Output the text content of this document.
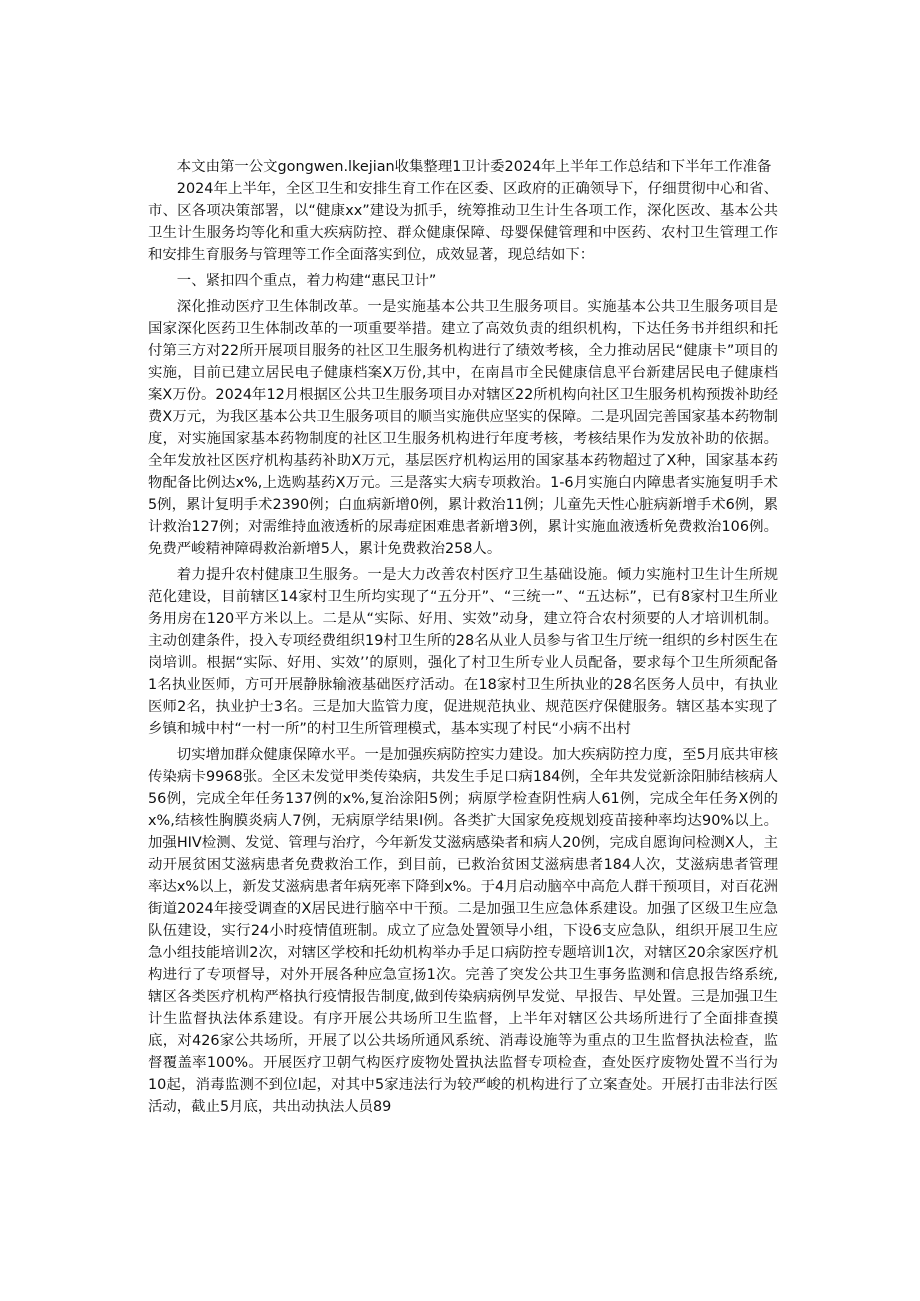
本文由第一公文gongwen.lkejian收集整理1卫计委2024年上半年工作总结和下半年工作准备

2024年上半年，全区卫生和安排生育工作在区委、区政府的正确领导下，仔细贯彻中心和省、市、区各项决策部署，以“健康xx”建设为抓手，统筹推动卫生计生各项工作，深化医改、基本公共卫生计生服务均等化和重大疾病防控、群众健康保障、母婴保健管理和中医药、农村卫生管理工作和安排生育服务与管理等工作全面落实到位，成效显著，现总结如下：

一、紧扣四个重点，着力构建“惠民卫计”

深化推动医疗卫生体制改革。一是实施基本公共卫生服务项目。实施基本公共卫生服务项目是国家深化医药卫生体制改革的一项重要举措。建立了高效负责的组织机构，下达任务书并组织和托付第三方对22所开展项目服务的社区卫生服务机构进行了绩效考核，全力推动居民“健康卡”项目的实施，目前已建立居民电子健康档案X万份,其中，在南昌市全民健康信息平台新建居民电子健康档案X万份。2024年12月根据区公共卫生服务项目办对辖区22所机构向社区卫生服务机构预拨补助经费X万元，为我区基本公共卫生服务项目的顺当实施供应坚实的保障。二是巩固完善国家基本药物制度，对实施国家基本药物制度的社区卫生服务机构进行年度考核，考核结果作为发放补助的依据。全年发放社区医疗机构基药补助X万元，基层医疗机构运用的国家基本药物超过了X种，国家基本药物配备比例达x%,上选购基药X万元。三是落实大病专项救治。1-6月实施白内障患者实施复明手术5例，累计复明手术2390例；白血病新增0例，累计救治11例；儿童先天性心脏病新增手术6例，累计救治127例；对需维持血液透析的尿毒症困难患者新增3例，累计实施血液透析免费救治106例。免费严峻精神障碍救治新增5人，累计免费救治258人。

着力提升农村健康卫生服务。一是大力改善农村医疗卫生基础设施。倾力实施村卫生计生所规范化建设，目前辖区14家村卫生所均实现了“五分开”、“三统一”、“五达标”，已有8家村卫生所业务用房在120平方米以上。二是从“实际、好用、实效”动身，建立符合农村须要的人才培训机制。主动创建条件，投入专项经费组织19村卫生所的28名从业人员参与省卫生厅统一组织的乡村医生在岗培训。根据“实际、好用、实效’’的原则，强化了村卫生所专业人员配备，要求每个卫生所须配备1名执业医师，方可开展静脉输液基础医疗活动。在18家村卫生所执业的28名医务人员中，有执业医师2名，执业护士3名。三是加大监管力度，促进规范执业、规范医疗保健服务。辖区基本实现了乡镇和城中村“一村一所”的村卫生所管理模式，基本实现了村民“小病不出村

切实增加群众健康保障水平。一是加强疾病防控实力建设。加大疾病防控力度，至5月底共审核传染病卡9968张。全区未发觉甲类传染病，共发生手足口病184例，全年共发觉新涂阳肺结核病人56例，完成全年任务137例的x%,复治涂阳5例；病原学检查阴性病人61例，完成全年任务X例的x%,结核性胸膜炎病人7例，无病原学结果I例。各类扩大国家免疫规划疫苗接种率均达90%以上。加强HIV检测、发觉、管理与治疗，今年新发艾滋病感染者和病人20例，完成自愿询问检测X人，主动开展贫困艾滋病患者免费救治工作，到目前，已救治贫困艾滋病患者184人次，艾滋病患者管理率达x%以上，新发艾滋病患者年病死率下降到x%。于4月启动脑卒中高危人群干预项目，对百花洲街道2024年接受调查的X居民进行脑卒中干预。二是加强卫生应急体系建设。加强了区级卫生应急队伍建设，实行24小时疫情值班制。成立了应急处置领导小组，下设6支应急队，组织开展卫生应急小组技能培训2次，对辖区学校和托幼机构举办手足口病防控专题培训1次，对辖区20余家医疗机构进行了专项督导，对外开展各种应急宣扬1次。完善了突发公共卫生事务监测和信息报告络系统,辖区各类医疗机构严格执行疫情报告制度,做到传染病病例早发觉、早报告、早处置。三是加强卫生计生监督执法体系建设。有序开展公共场所卫生监督，上半年对辖区公共场所进行了全面排查摸底，对426家公共场所，开展了以公共场所通风系统、消毒设施等为重点的卫生监督执法检查，监督覆盖率100%。开展医疗卫朝气构医疗废物处置执法监督专项检查，查处医疗废物处置不当行为10起，消毒监测不到位l起，对其中5家违法行为较严峻的机构进行了立案查处。开展打击非法行医活动，截止5月底，共出动执法人员89
